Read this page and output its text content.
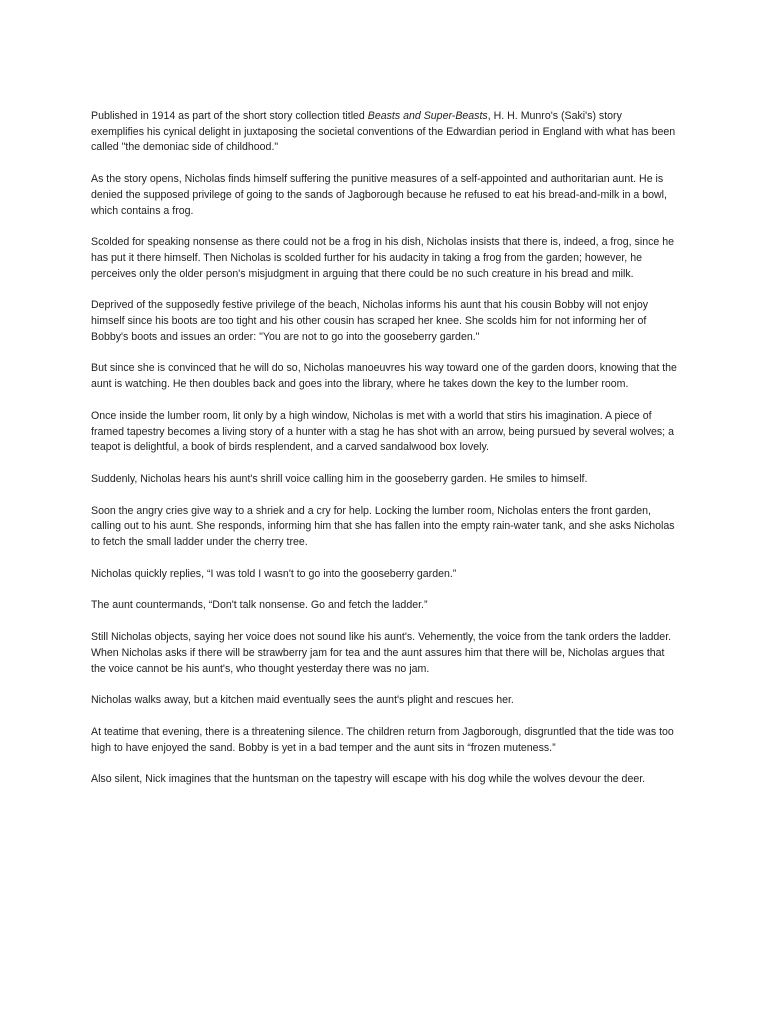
Published in 1914 as part of the short story collection titled Beasts and Super-Beasts, H. H. Munro's (Saki's) story exemplifies his cynical delight in juxtaposing the societal conventions of the Edwardian period in England with what has been called "the demoniac side of childhood."

As the story opens, Nicholas finds himself suffering the punitive measures of a self-appointed and authoritarian aunt. He is denied the supposed privilege of going to the sands of Jagborough because he refused to eat his bread-and-milk in a bowl, which contains a frog.

Scolded for speaking nonsense as there could not be a frog in his dish, Nicholas insists that there is, indeed, a frog, since he has put it there himself. Then Nicholas is scolded further for his audacity in taking a frog from the garden; however, he perceives only the older person's misjudgment in arguing that there could be no such creature in his bread and milk.

Deprived of the supposedly festive privilege of the beach, Nicholas informs his aunt that his cousin Bobby will not enjoy himself since his boots are too tight and his other cousin has scraped her knee. She scolds him for not informing her of Bobby's boots and issues an order: "You are not to go into the gooseberry garden."

But since she is convinced that he will do so, Nicholas manoeuvres his way toward one of the garden doors, knowing that the aunt is watching. He then doubles back and goes into the library, where he takes down the key to the lumber room.

Once inside the lumber room, lit only by a high window, Nicholas is met with a world that stirs his imagination. A piece of framed tapestry becomes a living story of a hunter with a stag he has shot with an arrow, being pursued by several wolves; a teapot is delightful, a book of birds resplendent, and a carved sandalwood box lovely.

Suddenly, Nicholas hears his aunt's shrill voice calling him in the gooseberry garden. He smiles to himself.

Soon the angry cries give way to a shriek and a cry for help. Locking the lumber room, Nicholas enters the front garden, calling out to his aunt. She responds, informing him that she has fallen into the empty rain-water tank, and she asks Nicholas to fetch the small ladder under the cherry tree.

Nicholas quickly replies, “I was told I wasn't to go into the gooseberry garden.”

The aunt countermands, “Don't talk nonsense. Go and fetch the ladder.”

Still Nicholas objects, saying her voice does not sound like his aunt's. Vehemently, the voice from the tank orders the ladder. When Nicholas asks if there will be strawberry jam for tea and the aunt assures him that there will be, Nicholas argues that the voice cannot be his aunt's, who thought yesterday there was no jam.

Nicholas walks away, but a kitchen maid eventually sees the aunt's plight and rescues her.

At teatime that evening, there is a threatening silence. The children return from Jagborough, disgruntled that the tide was too high to have enjoyed the sand. Bobby is yet in a bad temper and the aunt sits in “frozen muteness.”

Also silent, Nick imagines that the huntsman on the tapestry will escape with his dog while the wolves devour the deer.
